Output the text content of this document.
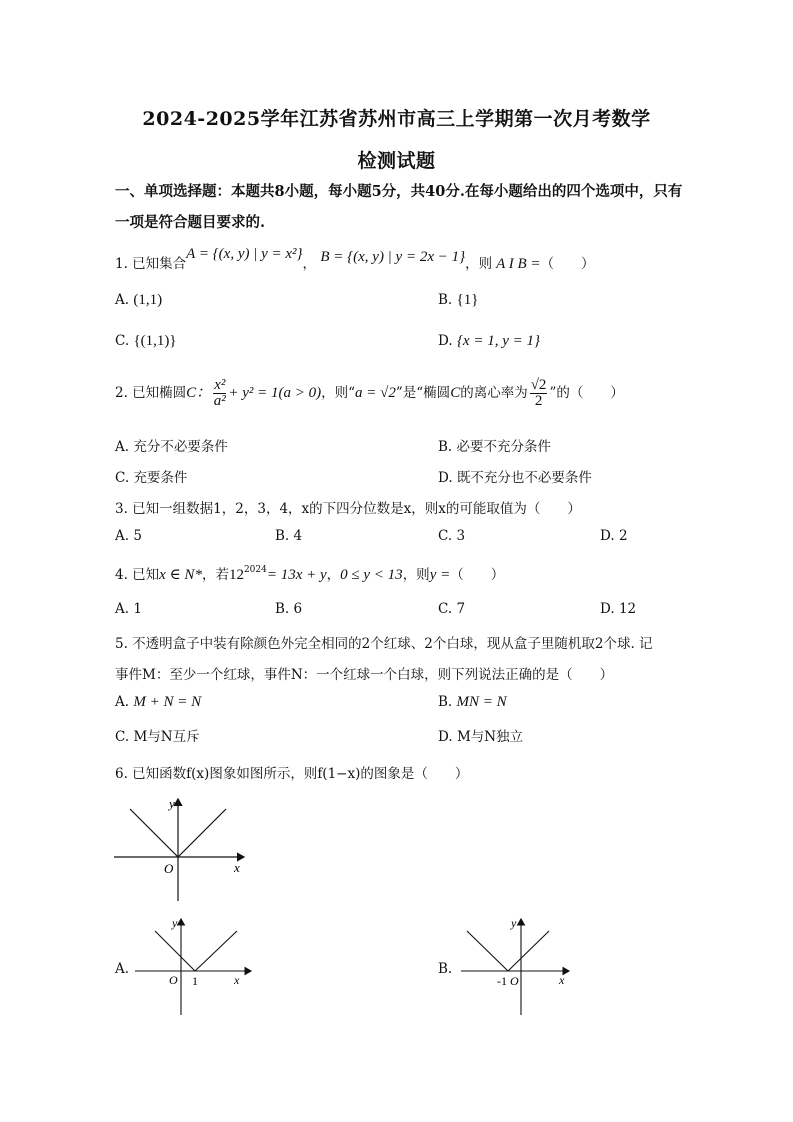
2024-2025学年江苏省苏州市高三上学期第一次月考数学
检测试题
一、单项选择题：本题共8小题，每小题5分，共40分.在每小题给出的四个选项中，只有一项是符合题目要求的.
1. 已知集合A = {(x, y) | y = x²}， B = {(x, y) | y = 2x − 1}，则 A I B =（　　）
A. (1,1)	B. {1}
C. {(1,1)}	D. {x = 1, y = 1}
2. 已知椭圆C： $\frac{\text{x²}}{\text{a²}} + y^2 = 1(a > 0)$，则“a = √2”是“椭圆C的离心率为 $\frac{√2}{2}$ ”的（　　）
A. 充分不必要条件	B. 必要不充分条件
C. 充要条件	D. 既不充分也不必要条件
3. 已知一组数据1，2，3，4，x的下四分位数是x，则x的可能取值为（　　）
A. 5	B. 4	C. 3	D. 2
4. 已知x ∈ N*，若$12^{2024}= 13x + y$，0 ≤ y < 13，则y =（　　）
A. 1	B. 6	C. 7	D. 12
5. 不透明盒子中装有除颜色外完全相同的2个红球、2个白球，现从盒子里随机取2个球. 记
事件M：至少一个红球，事件N：一个红球一个白球，则下列说法正确的是（　　）
A. M + N = N	B. MN = N
C. M与N互斥	D. M与N独立
6. 已知函数f(x)图象如图所示，则f(1−x)的图象是（　　）
y
x
O
A.
y
x
O 1
B.
y
x
-1 O
